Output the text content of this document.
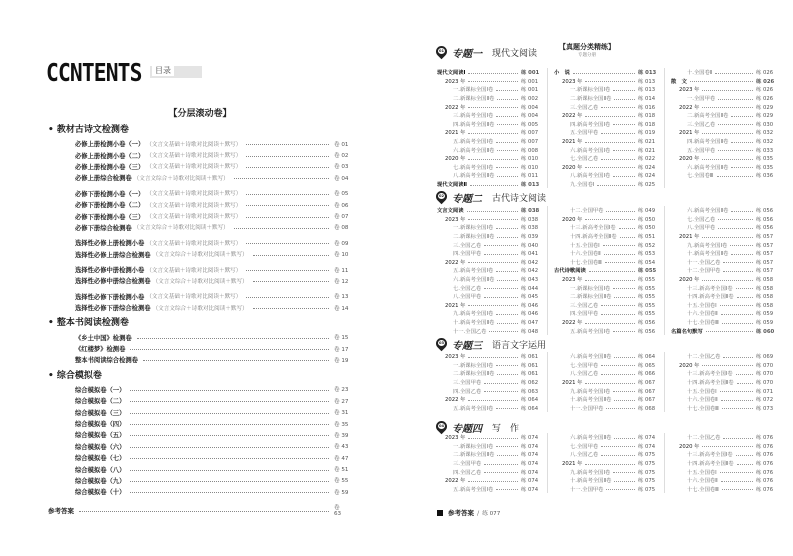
CCNTENTS	目录
【分层滚动卷】
• 教材古诗文检测卷
必修上册检测小卷（一） （文言文基础＋诗歌对比阅读＋默写）	卷 01
必修上册检测小卷（二） （文言文基础＋诗歌对比阅读＋默写）	卷 02
必修上册检测小卷（三） （文言文基础＋诗歌对比阅读＋默写）	卷 03
必修上册综合检测卷 （文言文综合＋诗歌对比阅读＋默写）	卷 04
必修下册检测小卷（一） （文言文基础＋诗歌对比阅读＋默写）	卷 05
必修下册检测小卷（二） （文言文基础＋诗歌对比阅读＋默写）	卷 06
必修下册检测小卷（三） （文言文基础＋诗歌对比阅读＋默写）	卷 07
必修下册综合检测卷 （文言文综合＋诗歌对比阅读＋默写）	卷 08
选择性必修上册检测小卷 （文言文基础＋诗歌对比阅读＋默写）	卷 09
选择性必修上册综合检测卷 （文言文综合＋诗歌对比阅读＋默写）	卷 10
选择性必修中册检测小卷 （文言文基础＋诗歌对比阅读＋默写）	卷 11
选择性必修中册综合检测卷 （文言文综合＋诗歌对比阅读＋默写）	卷 12
选择性必修下册检测小卷 （文言文基础＋诗歌对比阅读＋默写）	卷 13
选择性必修下册综合检测卷 （文言文综合＋诗歌对比阅读＋默写）	卷 14
• 整本书阅读检测卷
《乡土中国》检测卷	卷 15
《红楼梦》检测卷	卷 17
整本书阅读综合检测卷	卷 19
• 综合模拟卷
综合模拟卷（一）	卷 23
综合模拟卷（二）	卷 27
综合模拟卷（三）	卷 31
综合模拟卷（四）	卷 35
综合模拟卷（五）	卷 39
综合模拟卷（六）	卷 43
综合模拟卷（七）	卷 47
综合模拟卷（八）	卷 51
综合模拟卷（九）	卷 55
综合模拟卷（十）	卷 59
参考答案	卷 63
【真题分类精练】
专题分册
01 专题一 现代文阅读
现代文阅读Ⅰ	练 001
2023 年	练 001
一.新课标全国Ⅰ卷	练 001
二.新课标全国Ⅱ卷	练 002
2022 年	练 004
三.新高考全国Ⅰ卷	练 004
四.新高考全国Ⅱ卷	练 005
2021 年	练 007
五.新高考全国Ⅰ卷	练 007
六.新高考全国Ⅱ卷	练 008
2020 年	练 010
七.新高考全国Ⅰ卷	练 010
八.新高考全国Ⅱ卷	练 011
现代文阅读Ⅱ	练 013
小　说	练 013
2023 年	练 013
一.新课标全国Ⅰ卷	练 013
二.新课标全国Ⅱ卷	练 014
三.全国乙卷	练 016
2022 年	练 018
四.新高考全国Ⅰ卷	练 018
五.全国甲卷	练 019
2021 年	练 021
六.新高考全国Ⅰ卷	练 021
七.全国乙卷	练 022
2020 年	练 024
八.新高考全国Ⅰ卷	练 024
九.全国卷Ⅰ	练 025
十.全国卷Ⅱ	练 026
散　文	练 026
2023 年	练 026
一.全国甲卷	练 026
2022 年	练 029
二.新高考全国Ⅱ卷	练 029
三.全国乙卷	练 030
2021 年	练 032
四.新高考全国Ⅱ卷	练 032
五.全国甲卷	练 033
2020 年	练 035
六.新高考全国Ⅱ卷	练 035
七.全国卷Ⅲ	练 036
02 专题二 古代诗文阅读
文言文阅读	练 038
2023 年	练 038
一.新课标全国Ⅰ卷	练 038
二.新课标全国Ⅱ卷	练 039
三.全国乙卷	练 040
四.全国甲卷	练 041
2022 年	练 042
五.新高考全国Ⅰ卷	练 042
六.新高考全国Ⅱ卷	练 043
七.全国乙卷	练 044
八.全国甲卷	练 045
2021 年	练 046
九.新高考全国Ⅰ卷	练 046
十.新高考全国Ⅱ卷	练 047
十一.全国乙卷	练 048
十二.全国甲卷	练 049
2020 年	练 050
十三.新高考全国Ⅰ卷	练 050
十四.新高考全国Ⅱ卷	练 051
十五.全国卷Ⅰ	练 052
十六.全国卷Ⅱ	练 053
十七.全国卷Ⅲ	练 054
古代诗歌阅读	练 055
2023 年	练 055
一.新课标全国Ⅰ卷	练 055
二.新课标全国Ⅱ卷	练 055
三.全国乙卷	练 055
四.全国甲卷	练 055
2022 年	练 056
五.新高考全国Ⅰ卷	练 056
六.新高考全国Ⅱ卷	练 056
七.全国乙卷	练 056
八.全国甲卷	练 056
2021 年	练 057
九.新高考全国Ⅰ卷	练 057
十.新高考全国Ⅱ卷	练 057
十一.全国乙卷	练 057
十二.全国甲卷	练 057
2020 年	练 058
十三.新高考全国Ⅰ卷	练 058
十四.新高考全国Ⅱ卷	练 058
十五.全国卷Ⅰ	练 058
十六.全国卷Ⅱ	练 059
十七.全国卷Ⅲ	练 059
名篇名句默写	练 060
03 专题三 语言文字运用
2023 年	练 061
一.新课标全国Ⅰ卷	练 061
二.新课标全国Ⅱ卷	练 061
三.全国甲卷	练 062
四.全国乙卷	练 063
2022 年	练 064
五.新高考全国Ⅰ卷	练 064
六.新高考全国Ⅱ卷	练 064
七.全国甲卷	练 065
八.全国乙卷	练 066
2021 年	练 067
九.新高考全国Ⅰ卷	练 067
十.新高考全国Ⅱ卷	练 067
十一.全国甲卷	练 068
十二.全国乙卷	练 069
2020 年	练 070
十三.新高考全国Ⅰ卷	练 070
十四.新高考全国Ⅱ卷	练 070
十五.全国卷Ⅰ	练 071
十六.全国卷Ⅱ	练 072
十七.全国卷Ⅲ	练 073
04 专题四 写　作
2023 年	练 074
一.新课标全国Ⅰ卷	练 074
二.新课标全国Ⅱ卷	练 074
三.全国甲卷	练 074
四.全国乙卷	练 074
2022 年	练 074
五.新高考全国Ⅰ卷	练 074
六.新高考全国Ⅱ卷	练 074
七.全国甲卷	练 074
八.全国乙卷	练 075
2021 年	练 075
九.新高考全国Ⅰ卷	练 075
十.新高考全国Ⅱ卷	练 075
十一.全国甲卷	练 075
十二.全国乙卷	练 076
2020 年	练 076
十三.新高考全国Ⅰ卷	练 076
十四.新高考全国Ⅱ卷	练 076
十五.全国卷Ⅰ	练 076
十六.全国卷Ⅱ	练 076
十七.全国卷Ⅲ	练 076
参考答案 / 练 077
